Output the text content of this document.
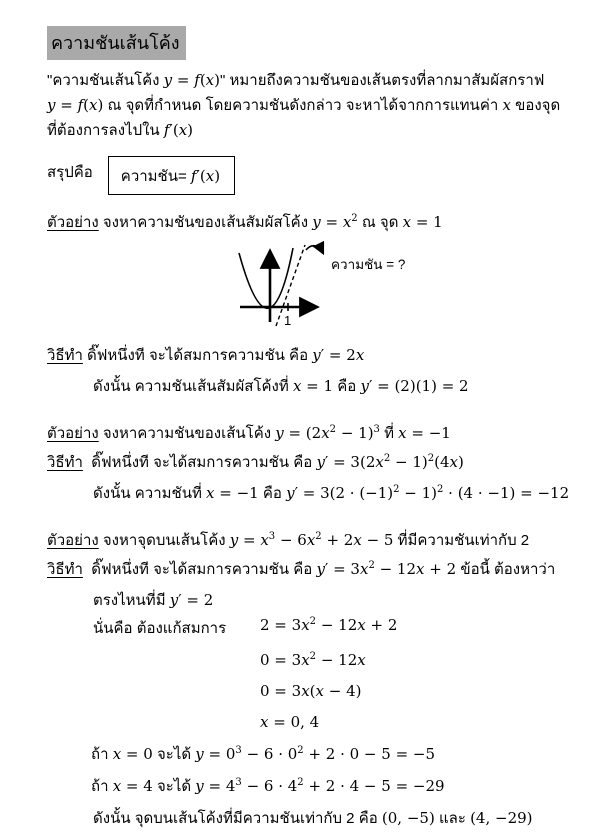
ความชันเส้นโค้ง
"ความชันเส้นโค้ง y = f(x)" หมายถึงความชันของเส้นตรงที่ลากมาสัมผัสกราฟ
y = f(x) ณ จุดที่กำหนด โดยความชันดังกล่าว จะหาได้จากการแทนค่า x ของจุด
ที่ต้องการลงไปใน f′(x)
สรุปคือ	ความชัน= f′(x)
ตัวอย่าง จงหาความชันของเส้นสัมผัสโค้ง $y = x^2$ ณ จุด x = 1
1
ความชัน = ?
วิธีทำ ดิ๊ฟหนึ่งที จะได้สมการความชัน คือ y′ = 2x
ดังนั้น ความชันเส้นสัมผัสโค้งที่ x = 1 คือ y′ = (2)(1) = 2
ตัวอย่าง จงหาความชันของเส้นโค้ง $y = (2x^2 - 1)^3$ ที่ x = −1
วิธีทำ  ดิ๊ฟหนึ่งที จะได้สมการความชัน คือ $y' = 3(2x^2 - 1)^2(4x)$
ดังนั้น ความชันที่ x = −1 คือ $y' = 3(2 \cdot (-1)^2 - 1)^2 \cdot (4 \cdot -1) = -12$
ตัวอย่าง จงหาจุดบนเส้นโค้ง $y = x^3 - 6x^2 + 2x - 5$ ที่มีความชันเท่ากับ 2
วิธีทำ  ดิ๊ฟหนึ่งที จะได้สมการความชัน คือ $y' = 3x^2 - 12x + 2$ ข้อนี้ ต้องหาว่า
ตรงไหนที่มี y′ = 2
นั่นคือ ต้องแก้สมการ $2 = 3x^2 - 12x + 2$
$0 = 3x^2 - 12x$
0 = 3x(x − 4)
x = 0, 4
ถ้า x = 0 จะได้ $y = 0^3 - 6 \cdot 0^2 + 2 \cdot 0 - 5 = -5$
ถ้า x = 4 จะได้ $y = 4^3 - 6 \cdot 4^2 + 2 \cdot 4 - 5 = -29$
ดังนั้น จุดบนเส้นโค้งที่มีความชันเท่ากับ 2 คือ (0, −5) และ (4, −29)
